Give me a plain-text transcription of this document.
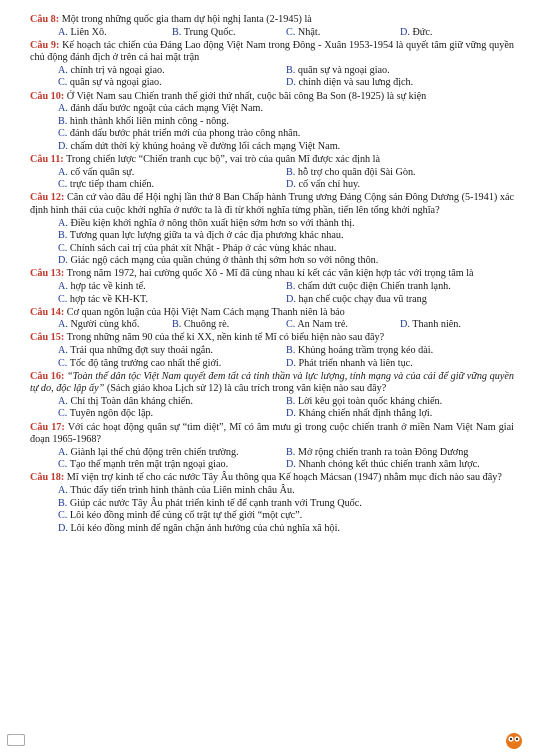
Câu 8: Một trong những quốc gia tham dự hội nghị Ianta (2-1945) là
A. Liên Xô.	B. Trung Quốc.	C. Nhật.	D. Đức.
Câu 9: Kế hoạch tác chiến của Đảng Lao động Việt Nam trong Đông - Xuân 1953-1954 là quyết tâm giữ vững quyền chủ động đánh địch ở trên cả hai mặt trận
A. chính trị và ngoại giao.	B. quân sự và ngoại giao.
C. quân sự và ngoại giao.	D. chính diện và sau lưng địch.
Câu 10: Ở Việt Nam sau Chiến tranh thế giới thứ nhất, cuộc bãi công Ba Son (8-1925) là sự kiện
A. đánh dấu bước ngoặt của cách mạng Việt Nam.
B. hình thành khối liên minh công - nông.
C. đánh dấu bước phát triển mới của phong trào công nhân.
D. chấm dứt thời kỳ khủng hoảng về đường lối cách mạng Việt Nam.
Câu 11: Trong chiến lược “Chiến tranh cục bộ”, vai trò của quân Mĩ được xác định là
A. cố vấn quân sự.	B. hỗ trợ cho quân đội Sài Gòn.
C. trực tiếp tham chiến.	D. cố vấn chỉ huy.
Câu 12: Căn cứ vào đâu để Hội nghị lần thứ 8 Ban Chấp hành Trung ương Đảng Cộng sản Đông Dương (5-1941) xác định hình thái của cuộc khởi nghĩa ở nước ta là đi từ khởi nghĩa từng phần, tiến lên tổng khởi nghĩa?
A. Điều kiện khởi nghĩa ở nông thôn xuất hiện sớm hơn so với thành thị.
B. Tương quan lực lượng giữa ta và địch ở các địa phương khác nhau.
C. Chính sách cai trị của phát xít Nhật - Pháp ở các vùng khác nhau.
D. Giác ngộ cách mạng của quần chúng ở thành thị sớm hơn so với nông thôn.
Câu 13: Trong năm 1972, hai cường quốc Xô - Mĩ đã cùng nhau kí kết các văn kiện hợp tác với trọng tâm là
A. hợp tác về kinh tế.	B. chấm dứt cuộc điện Chiến tranh lạnh.
C. hợp tác về KH-KT.	D. hạn chế cuộc chạy đua vũ trang
Câu 14: Cơ quan ngôn luận của Hội Việt Nam Cách mạng Thanh niên là báo
A. Người cùng khổ.	B. Chuông rè.	C. An Nam trẻ.	D. Thanh niên.
Câu 15: Trong những năm 90 của thế kỉ XX, nền kinh tế Mĩ có biểu hiện nào sau đây?
A. Trải qua những đợt suy thoái ngắn.	B. Khủng hoảng trầm trọng kéo dài.
C. Tốc độ tăng trưởng cao nhất thế giới.	D. Phát triển nhanh và liên tục.
Câu 16: “Toàn thể dân tộc Việt Nam quyết đem tất cả tinh thần và lực lượng, tính mạng và của cải để giữ vững quyền tự do, độc lập ấy” (Sách giáo khoa Lịch sử 12) là câu trích trong văn kiện nào sau đây?
A. Chỉ thị Toàn dân kháng chiến.	B. Lời kêu gọi toàn quốc kháng chiến.
C. Tuyên ngôn độc lập.	D. Kháng chiến nhất định thắng lợi.
Câu 17: Với các hoạt động quân sự “tìm diệt”, Mĩ có âm mưu gì trong cuộc chiến tranh ở miền Nam Việt Nam giai đoạn 1965-1968?
A. Giành lại thế chủ động trên chiến trường.	B. Mở rộng chiến tranh ra toàn Đông Dương
C. Tạo thế mạnh trên mặt trận ngoại giao.	D. Nhanh chóng kết thúc chiến tranh xâm lược.
Câu 18: Mĩ viện trợ kinh tế cho các nước Tây Âu thông qua Kế hoạch Mácsan (1947) nhằm mục đích nào sau đây?
A. Thúc đẩy tiến trình hình thành của Liên minh châu Âu.
B. Giúp các nước Tây Âu phát triển kinh tế để cạnh tranh với Trung Quốc.
C. Lôi kéo đồng minh để củng cố trật tự thế giới “một cực”.
D. Lôi kéo đồng minh để ngăn chặn ảnh hưởng của chủ nghĩa xã hội.
